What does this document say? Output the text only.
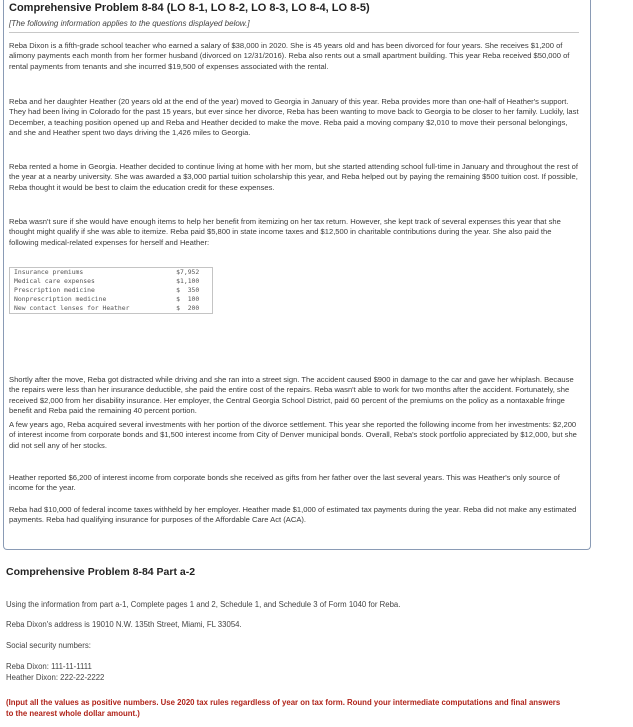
Comprehensive Problem 8-84 (LO 8-1, LO 8-2, LO 8-3, LO 8-4, LO 8-5)
[The following information applies to the questions displayed below.]

Reba Dixon is a fifth-grade school teacher who earned a salary of $38,000 in 2020. She is 45 years old and has been divorced for four years. She receives $1,200 of alimony payments each month from her former husband (divorced on 12/31/2016). Reba also rents out a small apartment building. This year Reba received $50,000 of rental payments from tenants and she incurred $19,500 of expenses associated with the rental.

Reba and her daughter Heather (20 years old at the end of the year) moved to Georgia in January of this year. Reba provides more than one-half of Heather's support. They had been living in Colorado for the past 15 years, but ever since her divorce, Reba has been wanting to move back to Georgia to be closer to her family. Luckily, last December, a teaching position opened up and Reba and Heather decided to make the move. Reba paid a moving company $2,010 to move their personal belongings, and she and Heather spent two days driving the 1,426 miles to Georgia.

Reba rented a home in Georgia. Heather decided to continue living at home with her mom, but she started attending school full-time in January and throughout the rest of the year at a nearby university. She was awarded a $3,000 partial tuition scholarship this year, and Reba helped out by paying the remaining $500 tuition cost. If possible, Reba thought it would be best to claim the education credit for these expenses.

Reba wasn't sure if she would have enough items to help her benefit from itemizing on her tax return. However, she kept track of several expenses this year that she thought might qualify if she was able to itemize. Reba paid $5,800 in state income taxes and $12,500 in charitable contributions during the year. She also paid the following medical-related expenses for herself and Heather:

Insurance premiums	$7,952
Medical care expenses	$1,100
Prescription medicine	$  350
Nonprescription medicine	$  100
New contact lenses for Heather	$  200

Shortly after the move, Reba got distracted while driving and she ran into a street sign. The accident caused $900 in damage to the car and gave her whiplash. Because the repairs were less than her insurance deductible, she paid the entire cost of the repairs. Reba wasn't able to work for two months after the accident. Fortunately, she received $2,000 from her disability insurance. Her employer, the Central Georgia School District, paid 60 percent of the premiums on the policy as a nontaxable fringe benefit and Reba paid the remaining 40 percent portion.

A few years ago, Reba acquired several investments with her portion of the divorce settlement. This year she reported the following income from her investments: $2,200 of interest income from corporate bonds and $1,500 interest income from City of Denver municipal bonds. Overall, Reba's stock portfolio appreciated by $12,000, but she did not sell any of her stocks.

Heather reported $6,200 of interest income from corporate bonds she received as gifts from her father over the last several years. This was Heather's only source of income for the year.

Reba had $10,000 of federal income taxes withheld by her employer. Heather made $1,000 of estimated tax payments during the year. Reba did not make any estimated payments. Reba had qualifying insurance for purposes of the Affordable Care Act (ACA).

Comprehensive Problem 8-84 Part a-2

Using the information from part a-1, Complete pages 1 and 2, Schedule 1, and Schedule 3 of Form 1040 for Reba.

Reba Dixon's address is 19010 N.W. 135th Street, Miami, FL 33054.

Social security numbers:

Reba Dixon: 111-11-1111

Heather Dixon: 222-22-2222

(Input all the values as positive numbers. Use 2020 tax rules regardless of year on tax form. Round your intermediate computations and final answers to the nearest whole dollar amount.)
